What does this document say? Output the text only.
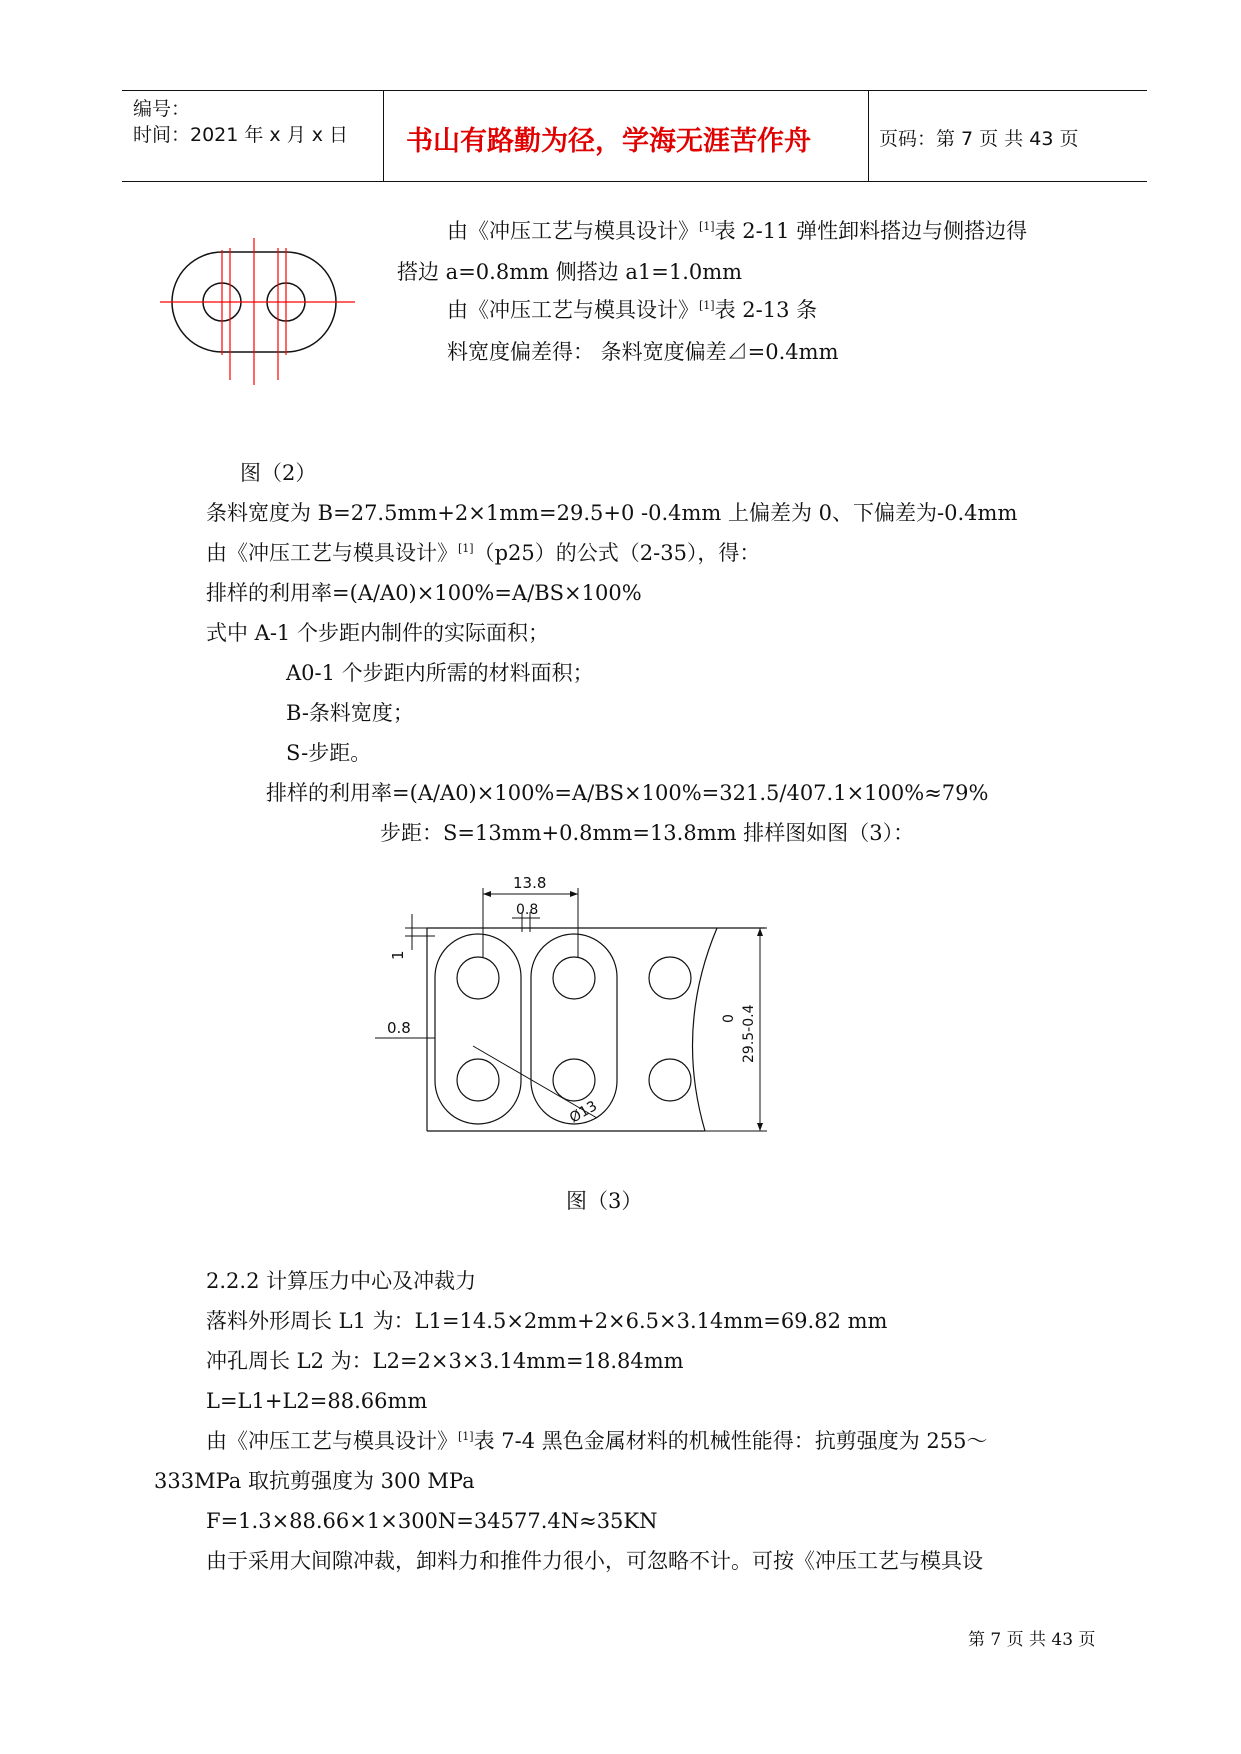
编号：
时间：2021 年 x 月 x 日 书山有路勤为径，学海无涯苦作舟	页码：第 7 页 共 43 页
由《冲压工艺与模具设计》[1]表 2-11 弹性卸料搭边与侧搭边得
搭边 a=0.8mm 侧搭边 a1=1.0mm
由《冲压工艺与模具设计》[1]表 2-13 条
料宽度偏差得： 条料宽度偏差⊿=0.4mm
图（2）
条料宽度为 B=27.5mm+2×1mm=29.5+0 -0.4mm 上偏差为 0、下偏差为-0.4mm
由《冲压工艺与模具设计》[1]（p25）的公式（2-35），得：
排样的利用率=(A/A0)×100%=A/BS×100%
式中 A-1 个步距内制件的实际面积；
A0-1 个步距内所需的材料面积；
B-条料宽度；
S-步距。
排样的利用率=(A/A0)×100%=A/BS×100%=321.5/407.1×100%≈79%
步距：S=13mm+0.8mm=13.8mm 排样图如图（3）：
13.8
0.8
1
0.8
0 29.5-0.4
Ø13
图（3）
2.2.2 计算压力中心及冲裁力
落料外形周长 L1 为：L1=14.5×2mm+2×6.5×3.14mm=69.82 mm
冲孔周长 L2 为：L2=2×3×3.14mm=18.84mm
L=L1+L2=88.66mm
由《冲压工艺与模具设计》[1]表 7-4 黑色金属材料的机械性能得：抗剪强度为 255～
333MPa 取抗剪强度为 300 MPa
F=1.3×88.66×1×300N=34577.4N≈35KN
由于采用大间隙冲裁，卸料力和推件力很小，可忽略不计。可按《冲压工艺与模具设
第 7 页 共 43 页
